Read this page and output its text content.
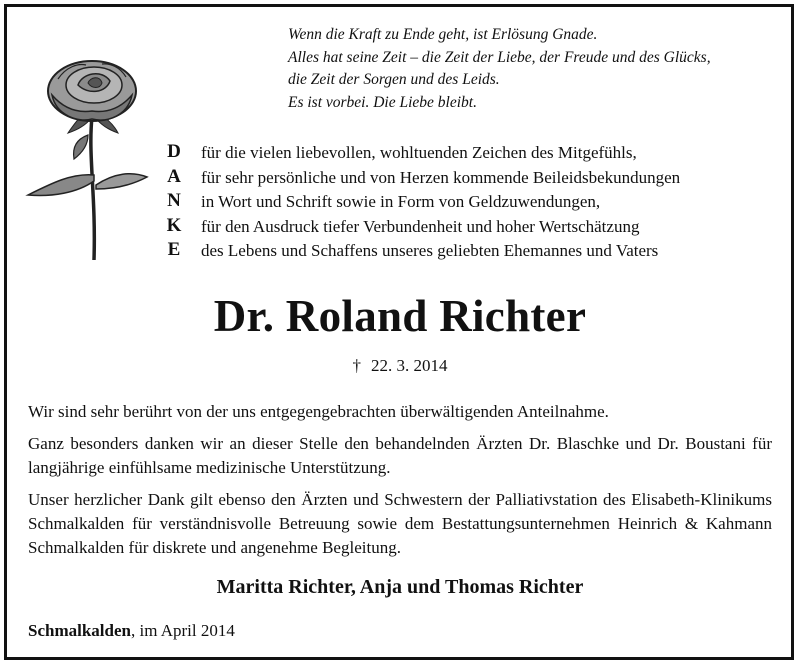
Wenn die Kraft zu Ende geht, ist Erlösung Gnade.
Alles hat seine Zeit – die Zeit der Liebe, der Freude und des Glücks,
die Zeit der Sorgen und des Leids.
Es ist vorbei. Die Liebe bleibt.
D
A
N
K
E
für die vielen liebevollen, wohltuenden Zeichen des Mitgefühls,
für sehr persönliche und von Herzen kommende Beileidsbekundungen
in Wort und Schrift sowie in Form von Geldzuwendungen,
für den Ausdruck tiefer Verbundenheit und hoher Wertschätzung
des Lebens und Schaffens unseres geliebten Ehemannes und Vaters
Dr. Roland Richter
† 22. 3. 2014

Wir sind sehr berührt von der uns entgegengebrachten überwältigenden Anteilnahme.

Ganz besonders danken wir an dieser Stelle den behandelnden Ärzten Dr. Blaschke und Dr. Boustani für langjährige einfühlsame medizinische Unterstützung.

Unser herzlicher Dank gilt ebenso den Ärzten und Schwestern der Palliativstation des Elisabeth-Klinikums Schmalkalden für verständnisvolle Betreuung sowie dem Bestattungsunternehmen Heinrich & Kahmann Schmalkalden für diskrete und angenehme Begleitung.

Maritta Richter, Anja und Thomas Richter
Schmalkalden, im April 2014
